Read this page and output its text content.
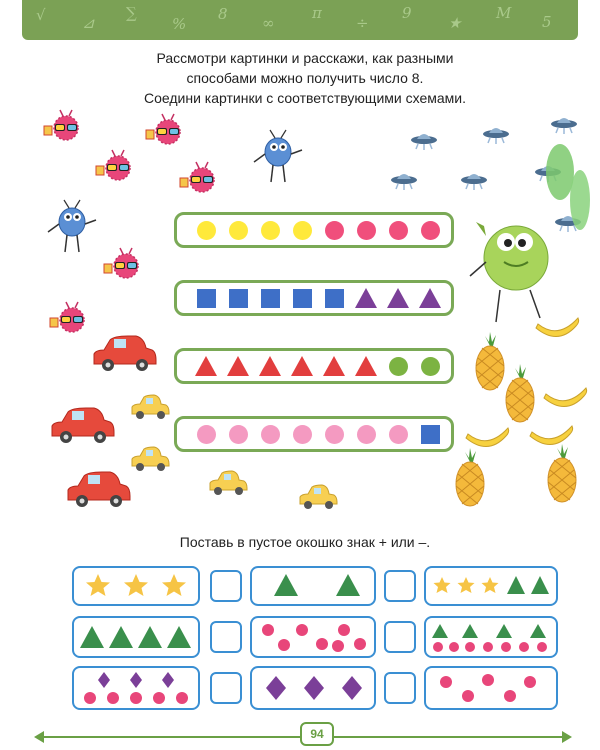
√ ⊿
∑
%
8 ∞
π
÷
9
★
M 5
Рассмотри картинки и расскажи, как разными
способами можно получить число 8.
Соедини картинки с соответствующими схемами.
Поставь в пустое окошко знак + или –.
94
